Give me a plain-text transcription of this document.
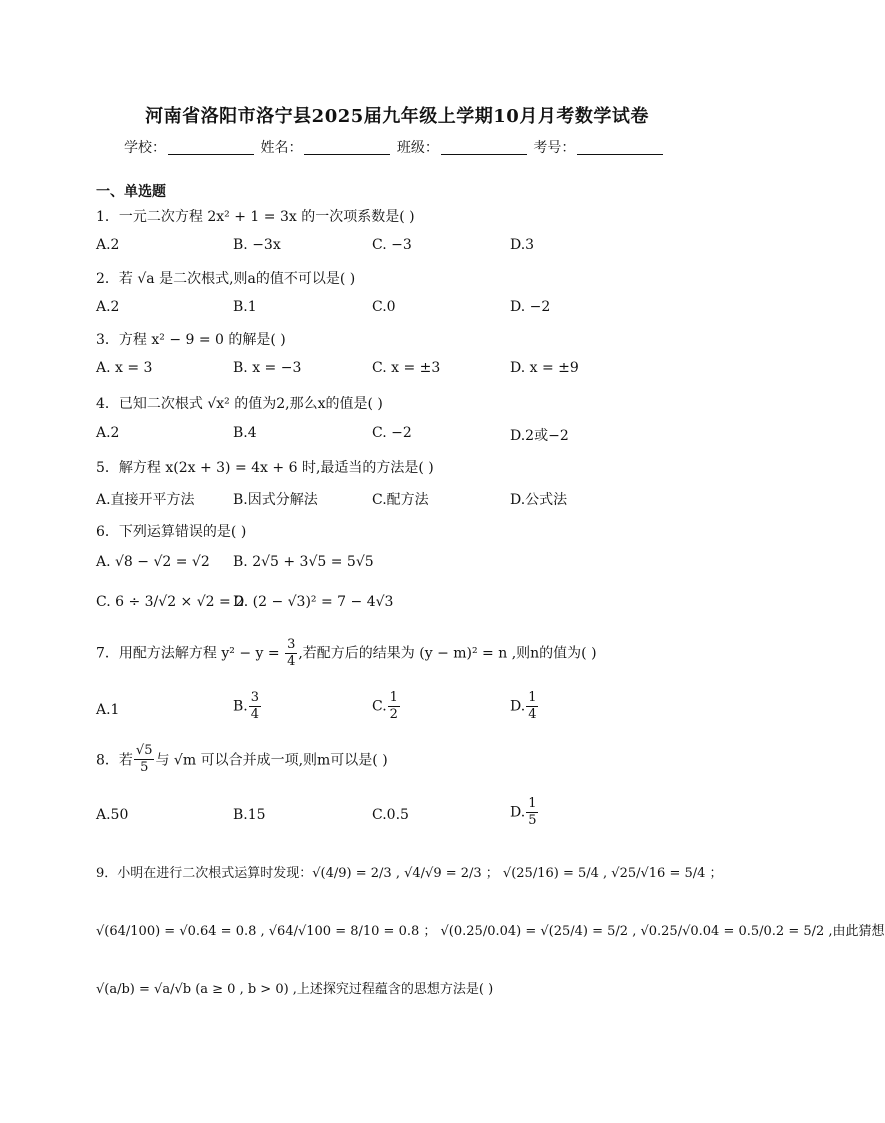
河南省洛阳市洛宁县2025届九年级上学期10月月考数学试卷
学校：	姓名：	班级：	考号：
一、单选题
1．一元二次方程 2x² + 1 = 3x 的一次项系数是( )
A.2	B. −3x	C. −3	D.3
2．若 √a 是二次根式,则a的值不可以是( )
A.2	B.1	C.0	D. −2
3．方程 x² − 9 = 0 的解是( )
A. x = 3	B. x = −3	C. x = ±3	D. x = ±9
4．已知二次根式 √x² 的值为2,那么x的值是( )
A.2	B.4	C. −2	D.2或−2
5．解方程 x(2x + 3) = 4x + 6 时,最适当的方法是( )
A.直接开平方法	B.因式分解法	C.配方法	D.公式法
6．下列运算错误的是( )
A. √8 − √2 = √2 B. 2√5 + 3√5 = 5√5
C. 6 ÷ 3/√2 × √2 = 2
D. (2 − √3)² = 7 − 4√3
7．用配方法解方程 $y^2 - y = \frac{3}{4}$ ,若配方后的结果为 (y − m)² = n ,则n的值为( )
A.1	B. $\frac{3}{4}$	C. $\frac{1}{2}$	D. $\frac{1}{4}$
8．若 $\frac{√5}{5}$ 与 √m 可以合并成一项,则m可以是( )
A.50	B.15	C.0.5	D. $\frac{1}{5}$
9．小明在进行二次根式运算时发现：√(4/9) = 2/3 , √4/√9 = 2/3 ； √(25/16) = 5/4 , √25/√16 = 5/4 ；
√(64/100) = √0.64 = 0.8 , √64/√100 = 8/10 = 0.8 ； √(0.25/0.04) = √(25/4) = 5/2 , √0.25/√0.04 = 0.5/0.2 = 5/2 ,由此猜想
√(a/b) = √a/√b (a ≥ 0 , b > 0) ,上述探究过程蕴含的思想方法是( )
